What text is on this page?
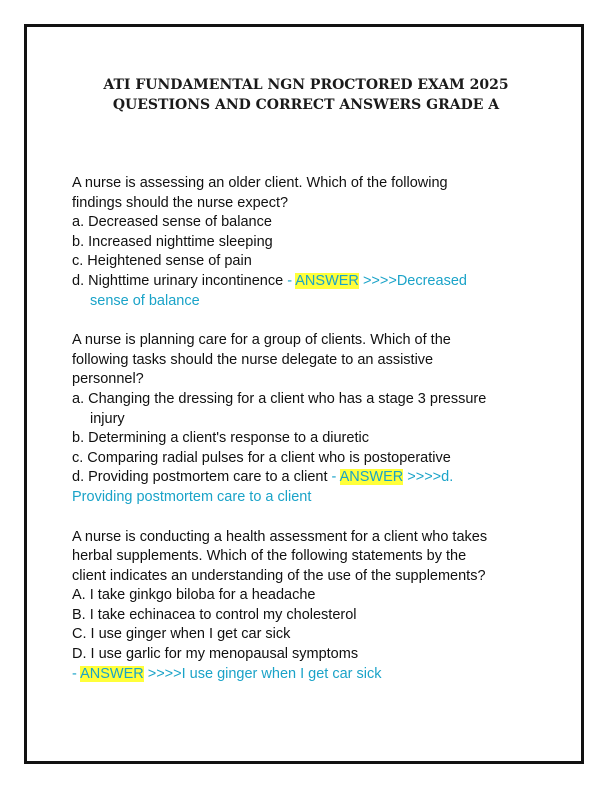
ATI FUNDAMENTAL NGN PROCTORED EXAM 2025
QUESTIONS AND CORRECT ANSWERS GRADE A
A nurse is assessing an older client. Which of the following
findings should the nurse expect?
a. Decreased sense of balance
b. Increased nighttime sleeping
c. Heightened sense of pain
d. Nighttime urinary incontinence - ANSWER >>>>Decreased
sense of balance
A nurse is planning care for a group of clients. Which of the
following tasks should the nurse delegate to an assistive
personnel?
a. Changing the dressing for a client who has a stage 3 pressure
injury
b. Determining a client's response to a diuretic
c. Comparing radial pulses for a client who is postoperative
d. Providing postmortem care to a client - ANSWER >>>>d.
Providing postmortem care to a client
A nurse is conducting a health assessment for a client who takes
herbal supplements. Which of the following statements by the
client indicates an understanding of the use of the supplements?
A. I take ginkgo biloba for a headache
B. I take echinacea to control my cholesterol
C. I use ginger when I get car sick
D. I use garlic for my menopausal symptoms
- ANSWER >>>>I use ginger when I get car sick
